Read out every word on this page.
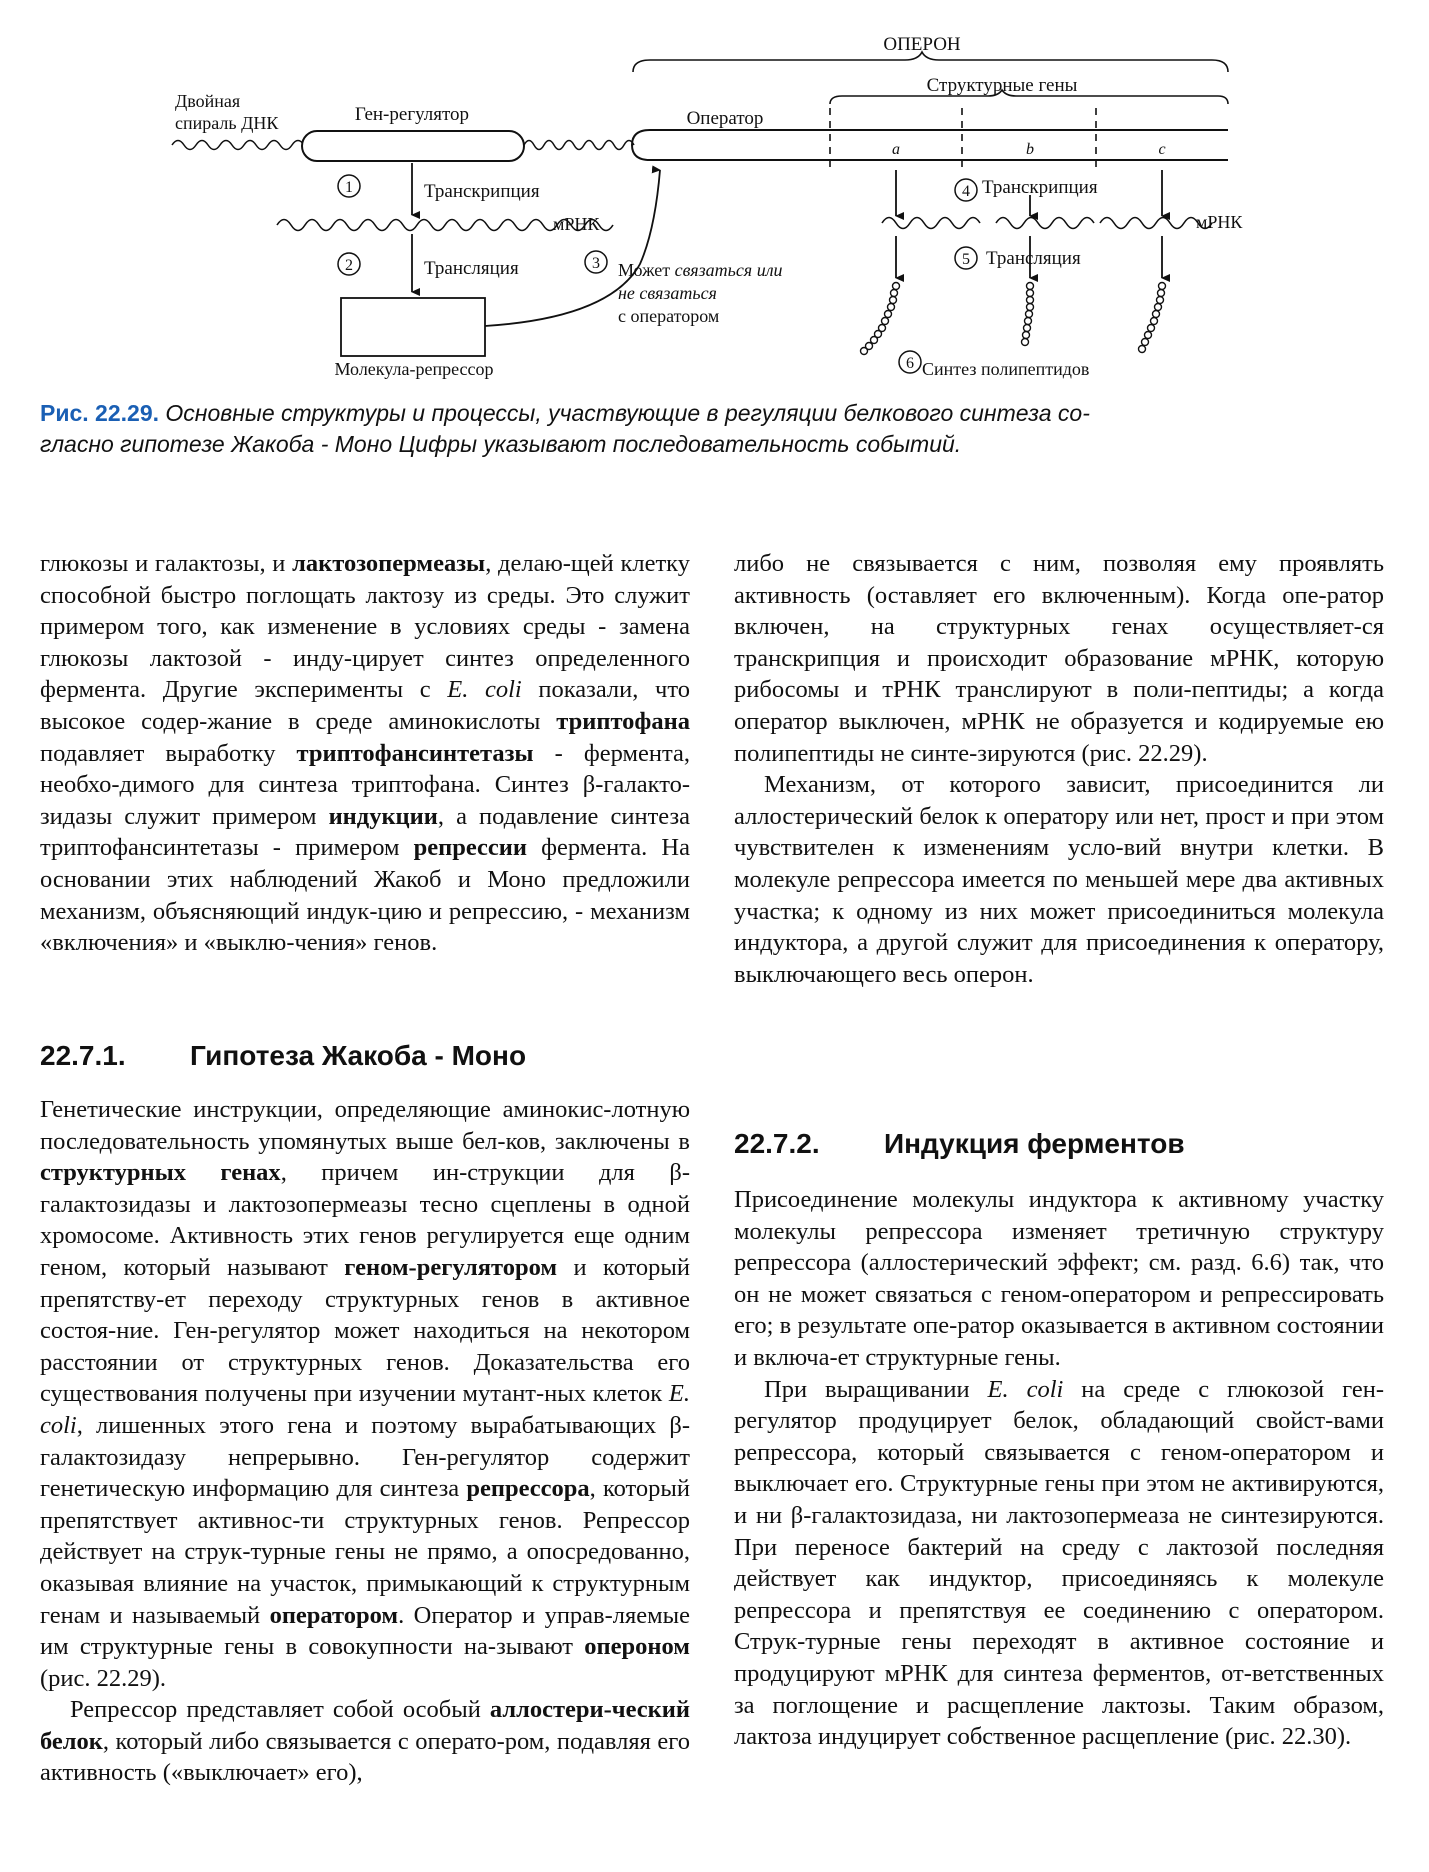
ОПЕРОН
Структурные гены
Двойная
спираль ДНК	Ген-регулятор	Оператор
a	b	c
1	Транскрипция
мРНК
2	Трансляция
Молекула-репрессор
3 Может связаться или
не связаться
с оператором
4 Транскрипция
мРНК
5 Трансляция
6 Синтез полипептидов
Рис. 22.29. Основные структуры и процессы, участвующие в регуляции белкового синтеза со-
гласно гипотезе Жакоба - Моно Цифры указывают последовательность событий.

глюкозы и галактозы, и лактозопермеазы, делаю-щей клетку способной быстро поглощать лактозу из среды. Это служит примером того, как изменение в условиях среды - замена глюкозы лактозой - инду-цирует синтез определенного фермента. Другие эксперименты с E. coli показали, что высокое содер-жание в среде аминокислоты триптофана подавляет выработку триптофансинтетазы - фермента, необхо-димого для синтеза триптофана. Синтез β-галакто-зидазы служит примером индукции, а подавление синтеза триптофансинтетазы - примером репрессии фермента. На основании этих наблюдений Жакоб и Моно предложили механизм, объясняющий индук-цию и репрессию, - механизм «включения» и «выклю-чения» генов.

22.7.1. Гипотеза Жакоба - Моно

Генетические инструкции, определяющие аминокис-лотную последовательность упомянутых выше бел-ков, заключены в структурных генах, причем ин-струкции для β-галактозидазы и лактозопермеазы тесно сцеплены в одной хромосоме. Активность этих генов регулируется еще одним геном, который называют геном-регулятором и который препятству-ет переходу структурных генов в активное состоя-ние. Ген-регулятор может находиться на некотором расстоянии от структурных генов. Доказательства его существования получены при изучении мутант-ных клеток E. coli, лишенных этого гена и поэтому вырабатывающих β-галактозидазу непрерывно. Ген-регулятор содержит генетическую информацию для синтеза репрессора, который препятствует активнос-ти структурных генов. Репрессор действует на струк-турные гены не прямо, а опосредованно, оказывая влияние на участок, примыкающий к структурным генам и называемый оператором. Оператор и управ-ляемые им структурные гены в совокупности на-зывают опероном (рис. 22.29).

Репрессор представляет собой особый аллостери-ческий белок, который либо связывается с операто-ром, подавляя его активность («выключает» его),

либо не связывается с ним, позволяя ему проявлять активность (оставляет его включенным). Когда опе-ратор включен, на структурных генах осуществляет-ся транскрипция и происходит образование мРНК, которую рибосомы и тРНК транслируют в поли-пептиды; а когда оператор выключен, мРНК не образуется и кодируемые ею полипептиды не синте-зируются (рис. 22.29).

Механизм, от которого зависит, присоединится ли аллостерический белок к оператору или нет, прост и при этом чувствителен к изменениям усло-вий внутри клетки. В молекуле репрессора имеется по меньшей мере два активных участка; к одному из них может присоединиться молекула индуктора, а другой служит для присоединения к оператору, выключающего весь оперон.

22.7.2. Индукция ферментов

Присоединение молекулы индуктора к активному участку молекулы репрессора изменяет третичную структуру репрессора (аллостерический эффект; см. разд. 6.6) так, что он не может связаться с геном-оператором и репрессировать его; в результате опе-ратор оказывается в активном состоянии и включа-ет структурные гены.

При выращивании E. coli на среде с глюкозой ген-регулятор продуцирует белок, обладающий свойст-вами репрессора, который связывается с геном-оператором и выключает его. Структурные гены при этом не активируются, и ни β-галактозидаза, ни лактозопермеаза не синтезируются. При переносе бактерий на среду с лактозой последняя действует как индуктор, присоединяясь к молекуле репрессора и препятствуя ее соединению с оператором. Струк-турные гены переходят в активное состояние и продуцируют мРНК для синтеза ферментов, от-ветственных за поглощение и расщепление лактозы. Таким образом, лактоза индуцирует собственное расщепление (рис. 22.30).
